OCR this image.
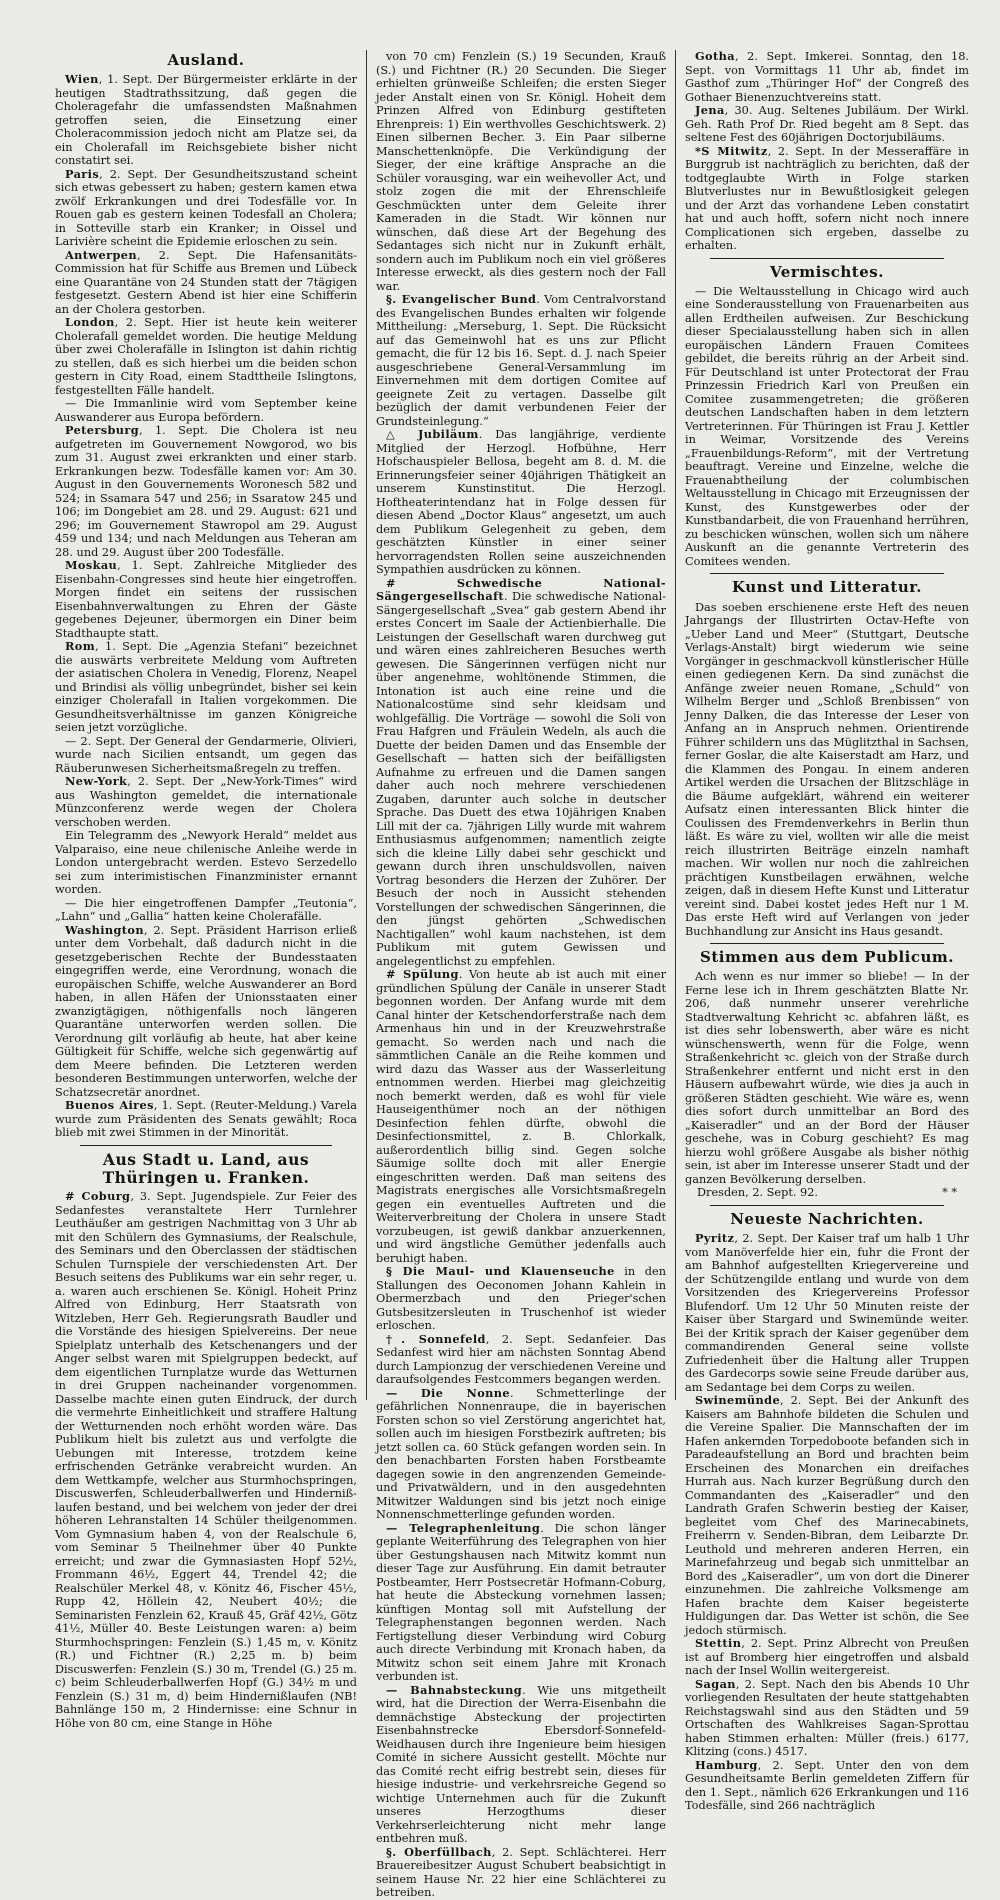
Ausland.

Wien, 1. Sept. Der Bürgermeister erklärte in der heutigen Stadtrathssitzung, daß gegen die Choleragefahr die umfassendsten Maßnahmen getroffen seien, die Einsetzung einer Choleracommission jedoch nicht am Platze sei, da ein Cholerafall im Reichsgebiete bisher nicht constatirt sei.

Paris, 2. Sept. Der Gesundheitszustand scheint sich etwas gebessert zu haben; gestern kamen etwa zwölf Erkrankungen und drei Todesfälle vor. In Rouen gab es gestern keinen Todesfall an Cholera; in Sotteville starb ein Kranker; in Oissel und Larivière scheint die Epidemie erloschen zu sein.

Antwerpen, 2. Sept. Die Hafensanitäts-Commission hat für Schiffe aus Bremen und Lübeck eine Quarantäne von 24 Stunden statt der 7tägigen festgesetzt. Gestern Abend ist hier eine Schifferin an der Cholera gestorben.

London, 2. Sept. Hier ist heute kein weiterer Cholerafall gemeldet worden. Die heutige Meldung über zwei Cholerafälle in Islington ist dahin richtig zu stellen, daß es sich hierbei um die beiden schon gestern in City Road, einem Stadttheile Islingtons, festgestellten Fälle handelt.

— Die Immanlinie wird vom September keine Auswanderer aus Europa befördern.

Petersburg, 1. Sept. Die Cholera ist neu aufgetreten im Gouvernement Nowgorod, wo bis zum 31. August zwei erkrankten und einer starb. Erkrankungen bezw. Todesfälle kamen vor: Am 30. August in den Gouvernements Woronesch 582 und 524; in Ssamara 547 und 256; in Ssaratow 245 und 106; im Dongebiet am 28. und 29. August: 621 und 296; im Gouvernement Stawropol am 29. August 459 und 134; und nach Meldungen aus Teheran am 28. und 29. August über 200 Todesfälle.

Moskau, 1. Sept. Zahlreiche Mitglieder des Eisenbahn-Congresses sind heute hier eingetroffen. Morgen findet ein seitens der russischen Eisenbahnverwaltungen zu Ehren der Gäste gegebenes Dejeuner, übermorgen ein Diner beim Stadthaupte statt.

Rom, 1. Sept. Die „Agenzia Stefani“ bezeichnet die auswärts verbreitete Meldung vom Auftreten der asiatischen Cholera in Venedig, Florenz, Neapel und Brindisi als völlig unbegründet, bisher sei kein einziger Cholerafall in Italien vorgekommen. Die Gesundheitsverhältnisse im ganzen Königreiche seien jetzt vorzügliche.

— 2. Sept. Der General der Gendarmerie, Olivieri, wurde nach Sicilien entsandt, um gegen das Räuberunwesen Sicherheitsmaßregeln zu treffen.

New-York, 2. Sept. Der „New-York-Times“ wird aus Washington gemeldet, die internationale Münzconferenz werde wegen der Cholera verschoben werden.

Ein Telegramm des „Newyork Herald“ meldet aus Valparaiso, eine neue chilenische Anleihe werde in London untergebracht werden. Estevo Serzedello sei zum interimistischen Finanzminister ernannt worden.

— Die hier eingetroffenen Dampfer „Teutonia“, „Lahn“ und „Gallia“ hatten keine Cholerafälle.

Washington, 2. Sept. Präsident Harrison erließ unter dem Vorbehalt, daß dadurch nicht in die gesetzgeberischen Rechte der Bundesstaaten eingegriffen werde, eine Verordnung, wonach die europäischen Schiffe, welche Auswanderer an Bord haben, in allen Häfen der Unionsstaaten einer zwanzigtägigen, nöthigenfalls noch längeren Quarantäne unterworfen werden sollen. Die Verordnung gilt vorläufig ab heute, hat aber keine Gültigkeit für Schiffe, welche sich gegenwärtig auf dem Meere befinden. Die Letzteren werden besonderen Bestimmungen unterworfen, welche der Schatzsecretär anordnet.

Buenos Aires, 1. Sept. (Reuter-Meldung.) Varela wurde zum Präsidenten des Senats gewählt; Roca blieb mit zwei Stimmen in der Minorität.

Aus Stadt u. Land, aus Thüringen u. Franken.

# Coburg, 3. Sept. Jugendspiele. Zur Feier des Sedanfestes veranstaltete Herr Turnlehrer Leuthäußer am gestrigen Nachmittag von 3 Uhr ab mit den Schülern des Gymnasiums, der Realschule, des Seminars und den Oberclassen der städtischen Schulen Turnspiele der verschiedensten Art. Der Besuch seitens des Publikums war ein sehr reger, u. a. waren auch erschienen Se. Königl. Hoheit Prinz Alfred von Edinburg, Herr Staatsrath von Witzleben, Herr Geh. Regierungsrath Baudler und die Vorstände des hiesigen Spielvereins. Der neue Spielplatz unterhalb des Ketschenangers und der Anger selbst waren mit Spielgruppen bedeckt, auf dem eigentlichen Turnplatze wurde das Wetturnen in drei Gruppen nacheinander vorgenommen. Dasselbe machte einen guten Eindruck, der durch die vermehrte Einheitlichkeit und straffere Haltung der Wetturnenden noch erhöht worden wäre. Das Publikum hielt bis zuletzt aus und verfolgte die Uebungen mit Interesse, trotzdem keine erfrischenden Getränke verabreicht wurden. An dem Wettkampfe, welcher aus Sturmhochspringen, Discuswerfen, Schleuderballwerfen und Hinderniß-laufen bestand, und bei welchem von jeder der drei höheren Lehranstalten 14 Schüler theilgenommen. Vom Gymnasium haben 4, von der Realschule 6, vom Seminar 5 Theilnehmer über 40 Punkte erreicht; und zwar die Gymnasiasten Hopf 52½, Frommann 46½, Eggert 44, Trendel 42; die Realschüler Merkel 48, v. Könitz 46, Fischer 45½, Rupp 42, Höllein 42, Neubert 40½; die Seminaristen Fenzlein 62, Krauß 45, Gräf 42½, Götz 41½, Müller 40. Beste Leistungen waren: a) beim Sturmhochspringen: Fenzlein (S.) 1,45 m, v. Könitz (R.) und Fichtner (R.) 2,25 m. b) beim Discuswerfen: Fenzlein (S.) 30 m, Trendel (G.) 25 m. c) beim Schleuderballwerfen Hopf (G.) 34½ m und Fenzlein (S.) 31 m, d) beim Hindernißlaufen (NB! Bahnlänge 150 m, 2 Hindernisse: eine Schnur in Höhe von 80 cm, eine Stange in Höhe

von 70 cm) Fenzlein (S.) 19 Secunden, Krauß (S.) und Fichtner (R.) 20 Secunden. Die Sieger erhielten grünweiße Schleifen; die ersten Sieger jeder Anstalt einen von Sr. Königl. Hoheit dem Prinzen Alfred von Edinburg gestifteten Ehrenpreis: 1) Ein werthvolles Geschichtswerk. 2) Einen silbernen Becher. 3. Ein Paar silberne Manschettenknöpfe. Die Verkündigung der Sieger, der eine kräftige Ansprache an die Schüler vorausging, war ein weihevoller Act, und stolz zogen die mit der Ehrenschleife Geschmückten unter dem Geleite ihrer Kameraden in die Stadt. Wir können nur wünschen, daß diese Art der Begehung des Sedantages sich nicht nur in Zukunft erhält, sondern auch im Publikum noch ein viel größeres Interesse erweckt, als dies gestern noch der Fall war.

§. Evangelischer Bund. Vom Centralvorstand des Evangelischen Bundes erhalten wir folgende Mittheilung: „Merseburg, 1. Sept. Die Rücksicht auf das Gemeinwohl hat es uns zur Pflicht gemacht, die für 12 bis 16. Sept. d. J. nach Speier ausgeschriebene General-Versammlung im Einvernehmen mit dem dortigen Comitee auf geeignete Zeit zu vertagen. Dasselbe gilt bezüglich der damit verbundenen Feier der Grundsteinlegung.“

△ Jubiläum. Das langjährige, verdiente Mitglied der Herzogl. Hofbühne, Herr Hofschauspieler Bellosa, begeht am 8. d. M. die Erinnerungsfeier seiner 40jährigen Thätigkeit an unserem Kunstinstitut. Die Herzogl. Hoftheaterintendanz hat in Folge dessen für diesen Abend „Doctor Klaus“ angesetzt, um auch dem Publikum Gelegenheit zu geben, dem geschätzten Künstler in einer seiner hervorragendsten Rollen seine auszeichnenden Sympathien ausdrücken zu können.

# Schwedische National-Sängergesellschaft. Die schwedische National-Sängergesellschaft „Svea“ gab gestern Abend ihr erstes Concert im Saale der Actienbierhalle. Die Leistungen der Gesellschaft waren durchweg gut und wären eines zahlreicheren Besuches werth gewesen. Die Sängerinnen verfügen nicht nur über angenehme, wohltönende Stimmen, die Intonation ist auch eine reine und die Nationalcostüme sind sehr kleidsam und wohlgefällig. Die Vorträge — sowohl die Soli von Frau Hafgren und Fräulein Wedeln, als auch die Duette der beiden Damen und das Ensemble der Gesellschaft — hatten sich der beifälligsten Aufnahme zu erfreuen und die Damen sangen daher auch noch mehrere verschiedenen Zugaben, darunter auch solche in deutscher Sprache. Das Duett des etwa 10jährigen Knaben Lill mit der ca. 7jährigen Lilly wurde mit wahrem Enthusiasmus aufgenommen; namentlich zeigte sich die kleine Lilly dabei sehr geschickt und gewann durch ihren unschuldsvollen, naiven Vortrag besonders die Herzen der Zuhörer. Der Besuch der noch in Aussicht stehenden Vorstellungen der schwedischen Sängerinnen, die den jüngst gehörten „Schwedischen Nachtigallen“ wohl kaum nachstehen, ist dem Publikum mit gutem Gewissen und angelegentlichst zu empfehlen.

# Spülung. Von heute ab ist auch mit einer gründlichen Spülung der Canäle in unserer Stadt begonnen worden. Der Anfang wurde mit dem Canal hinter der Ketschendorferstraße nach dem Armenhaus hin und in der Kreuzwehrstraße gemacht. So werden nach und nach die sämmtlichen Canäle an die Reihe kommen und wird dazu das Wasser aus der Wasserleitung entnommen werden. Hierbei mag gleichzeitig noch bemerkt werden, daß es wohl für viele Hauseigenthümer noch an der nöthigen Desinfection fehlen dürfte, obwohl die Desinfectionsmittel, z. B. Chlorkalk, außerordentlich billig sind. Gegen solche Säumige sollte doch mit aller Energie eingeschritten werden. Daß man seitens des Magistrats energisches alle Vorsichtsmaßregeln gegen ein eventuelles Auftreten und die Weiterverbreitung der Cholera in unsere Stadt vorzubeugen, ist gewiß dankbar anzuerkennen, und wird ängstliche Gemüther jedenfalls auch beruhigt haben.

§ Die Maul- und Klauenseuche in den Stallungen des Oeconomen Johann Kahlein in Obermerzbach und den Prieger'schen Gutsbesitzersleuten in Truschenhof ist wieder erloschen.

†. Sonnefeld, 2. Sept. Sedanfeier. Das Sedanfest wird hier am nächsten Sonntag Abend durch Lampionzug der verschiedenen Vereine und daraufsolgendes Festcommers begangen werden.

— Die Nonne. Schmetterlinge der gefährlichen Nonnenraupe, die in bayerischen Forsten schon so viel Zerstörung angerichtet hat, sollen auch im hiesigen Forstbezirk auftreten; bis jetzt sollen ca. 60 Stück gefangen worden sein. In den benachbarten Forsten haben Forstbeamte dagegen sowie in den angrenzenden Gemeinde- und Privatwäldern, und in den ausgedehnten Mitwitzer Waldungen sind bis jetzt noch einige Nonnenschmetterlinge gefunden worden.

— Telegraphenleitung. Die schon länger geplante Weiterführung des Telegraphen von hier über Gestungshausen nach Mitwitz kommt nun dieser Tage zur Ausführung. Ein damit betrauter Postbeamter, Herr Postsecretär Hofmann-Coburg, hat heute die Absteckung vornehmen lassen; künftigen Montag soll mit Aufstellung der Telegraphenstangen begonnen werden. Nach Fertigstellung dieser Verbindung wird Coburg auch directe Verbindung mit Kronach haben, da Mitwitz schon seit einem Jahre mit Kronach verbunden ist.

— Bahnabsteckung. Wie uns mitgetheilt wird, hat die Direction der Werra-Eisenbahn die demnächstige Absteckung der projectirten Eisenbahnstrecke Ebersdorf-Sonnefeld-Weidhausen durch ihre Ingenieure beim hiesigen Comité in sichere Aussicht gestellt. Möchte nur das Comité recht eifrig bestrebt sein, dieses für hiesige industrie- und verkehrsreiche Gegend so wichtige Unternehmen auch für die Zukunft unseres Herzogthums dieser Verkehrserleichterung nicht mehr lange entbehren muß.

§. Oberfüllbach, 2. Sept. Schlächterei. Herr Brauereibesitzer August Schubert beabsichtigt in seinem Hause Nr. 22 hier eine Schlächterei zu betreiben.

Gotha, 2. Sept. Imkerei. Sonntag, den 18. Sept. von Vormittags 11 Uhr ab, findet im Gasthof zum „Thüringer Hof“ der Congreß des Gothaer Bienenzuchtvereins statt.

Jena, 30. Aug. Seltenes Jubiläum. Der Wirkl. Geh. Rath Prof Dr. Ried begeht am 8 Sept. das seltene Fest des 60jährigen Doctorjubiläums.

*S Mitwitz, 2. Sept. In der Messeraffäre in Burggrub ist nachträglich zu berichten, daß der todtgeglaubte Wirth in Folge starken Blutverlustes nur in Bewußtlosigkeit gelegen und der Arzt das vorhandene Leben constatirt hat und auch hofft, sofern nicht noch innere Complicationen sich ergeben, dasselbe zu erhalten.

Vermischtes.

— Die Weltausstellung in Chicago wird auch eine Sonderausstellung von Frauenarbeiten aus allen Erdtheilen aufweisen. Zur Beschickung dieser Specialausstellung haben sich in allen europäischen Ländern Frauen Comitees gebildet, die bereits rührig an der Arbeit sind. Für Deutschland ist unter Protectorat der Frau Prinzessin Friedrich Karl von Preußen ein Comitee zusammengetreten; die größeren deutschen Landschaften haben in dem letztern Vertreterinnen. Für Thüringen ist Frau J. Kettler in Weimar, Vorsitzende des Vereins „Frauenbildungs-Reform“, mit der Vertretung beauftragt. Vereine und Einzelne, welche die Frauenabtheilung der columbischen Weltausstellung in Chicago mit Erzeugnissen der Kunst, des Kunstgewerbes oder der Kunstbandarbeit, die von Frauenhand herrühren, zu beschicken wünschen, wollen sich um nähere Auskunft an die genannte Vertreterin des Comitees wenden.

Kunst und Litteratur.

Das soeben erschienene erste Heft des neuen Jahrgangs der Illustrirten Octav-Hefte von „Ueber Land und Meer“ (Stuttgart, Deutsche Verlags-Anstalt) birgt wiederum wie seine Vorgänger in geschmackvoll künstlerischer Hülle einen gediegenen Kern. Da sind zunächst die Anfänge zweier neuen Romane, „Schuld“ von Wilhelm Berger und „Schloß Brenbissen“ von Jenny Dalken, die das Interesse der Leser von Anfang an in Anspruch nehmen. Orientirende Führer schildern uns das Müglitzthal in Sachsen, ferner Goslar, die alte Kaiserstadt am Harz, und die Klammen des Pongau. In einem anderen Artikel werden die Ursachen der Blitzschläge in die Bäume aufgeklärt, während ein weiterer Aufsatz einen interessanten Blick hinter die Coulissen des Fremdenverkehrs in Berlin thun läßt. Es wäre zu viel, wollten wir alle die meist reich illustrirten Beiträge einzeln namhaft machen. Wir wollen nur noch die zahlreichen prächtigen Kunstbeilagen erwähnen, welche zeigen, daß in diesem Hefte Kunst und Litteratur vereint sind. Dabei kostet jedes Heft nur 1 M. Das erste Heft wird auf Verlangen von jeder Buchhandlung zur Ansicht ins Haus gesandt.

Stimmen aus dem Publicum.

Ach wenn es nur immer so bliebe! — In der Ferne lese ich in Ihrem geschätzten Blatte Nr. 206, daß nunmehr unserer verehrliche Stadtverwaltung Kehricht ꝛc. abfahren läßt, es ist dies sehr lobenswerth, aber wäre es nicht wünschenswerth, wenn für die Folge, wenn Straßenkehricht ꝛc. gleich von der Straße durch Straßenkehrer entfernt und nicht erst in den Häusern aufbewahrt würde, wie dies ja auch in größeren Städten geschieht. Wie wäre es, wenn dies sofort durch unmittelbar an Bord des „Kaiseradler“ und an der Bord der Häuser geschehe, was in Coburg geschieht? Es mag hierzu wohl größere Ausgabe als bisher nöthig sein, ist aber im Interesse unserer Stadt und der ganzen Bevölkerung derselben.

Dresden, 2. Sept. 92.	* *
Neueste Nachrichten.

Pyritz, 2. Sept. Der Kaiser traf um halb 1 Uhr vom Manöverfelde hier ein, fuhr die Front der am Bahnhof aufgestellten Kriegervereine und der Schützengilde entlang und wurde von dem Vorsitzenden des Kriegervereins Professor Blufendorf. Um 12 Uhr 50 Minuten reiste der Kaiser über Stargard und Swinemünde weiter. Bei der Kritik sprach der Kaiser gegenüber dem commandirenden General seine vollste Zufriedenheit über die Haltung aller Truppen des Gardecorps sowie seine Freude darüber aus, am Sedantage bei dem Corps zu weilen.

Swinemünde, 2. Sept. Bei der Ankunft des Kaisers am Bahnhofe bildeten die Schulen und die Vereine Spalier. Die Mannschaften der im Hafen ankernden Torpedoboote befanden sich in Paradeaufstellung an Bord und brachten beim Erscheinen des Monarchen ein dreifaches Hurrah aus. Nach kurzer Begrüßung durch den Commandanten des „Kaiseradler“ und den Landrath Grafen Schwerin bestieg der Kaiser, begleitet vom Chef des Marinecabinets, Freiherrn v. Senden-Bibran, dem Leibarzte Dr. Leuthold und mehreren anderen Herren, ein Marinefahrzeug und begab sich unmittelbar an Bord des „Kaiseradler“, um von dort die Dinerer einzunehmen. Die zahlreiche Volksmenge am Hafen brachte dem Kaiser begeisterte Huldigungen dar. Das Wetter ist schön, die See jedoch stürmisch.

Stettin, 2. Sept. Prinz Albrecht von Preußen ist auf Bromberg hier eingetroffen und alsbald nach der Insel Wollin weitergereist.

Sagan, 2. Sept. Nach den bis Abends 10 Uhr vorliegenden Resultaten der heute stattgehabten Reichstagswahl sind aus den Städten und 59 Ortschaften des Wahlkreises Sagan-Sprottau haben Stimmen erhalten: Müller (freis.) 6177, Klitzing (cons.) 4517.

Hamburg, 2. Sept. Unter den von dem Gesundheitsamte Berlin gemeldeten Ziffern für den 1. Sept., nämlich 626 Erkrankungen und 116 Todesfälle, sind 266 nachträglich
